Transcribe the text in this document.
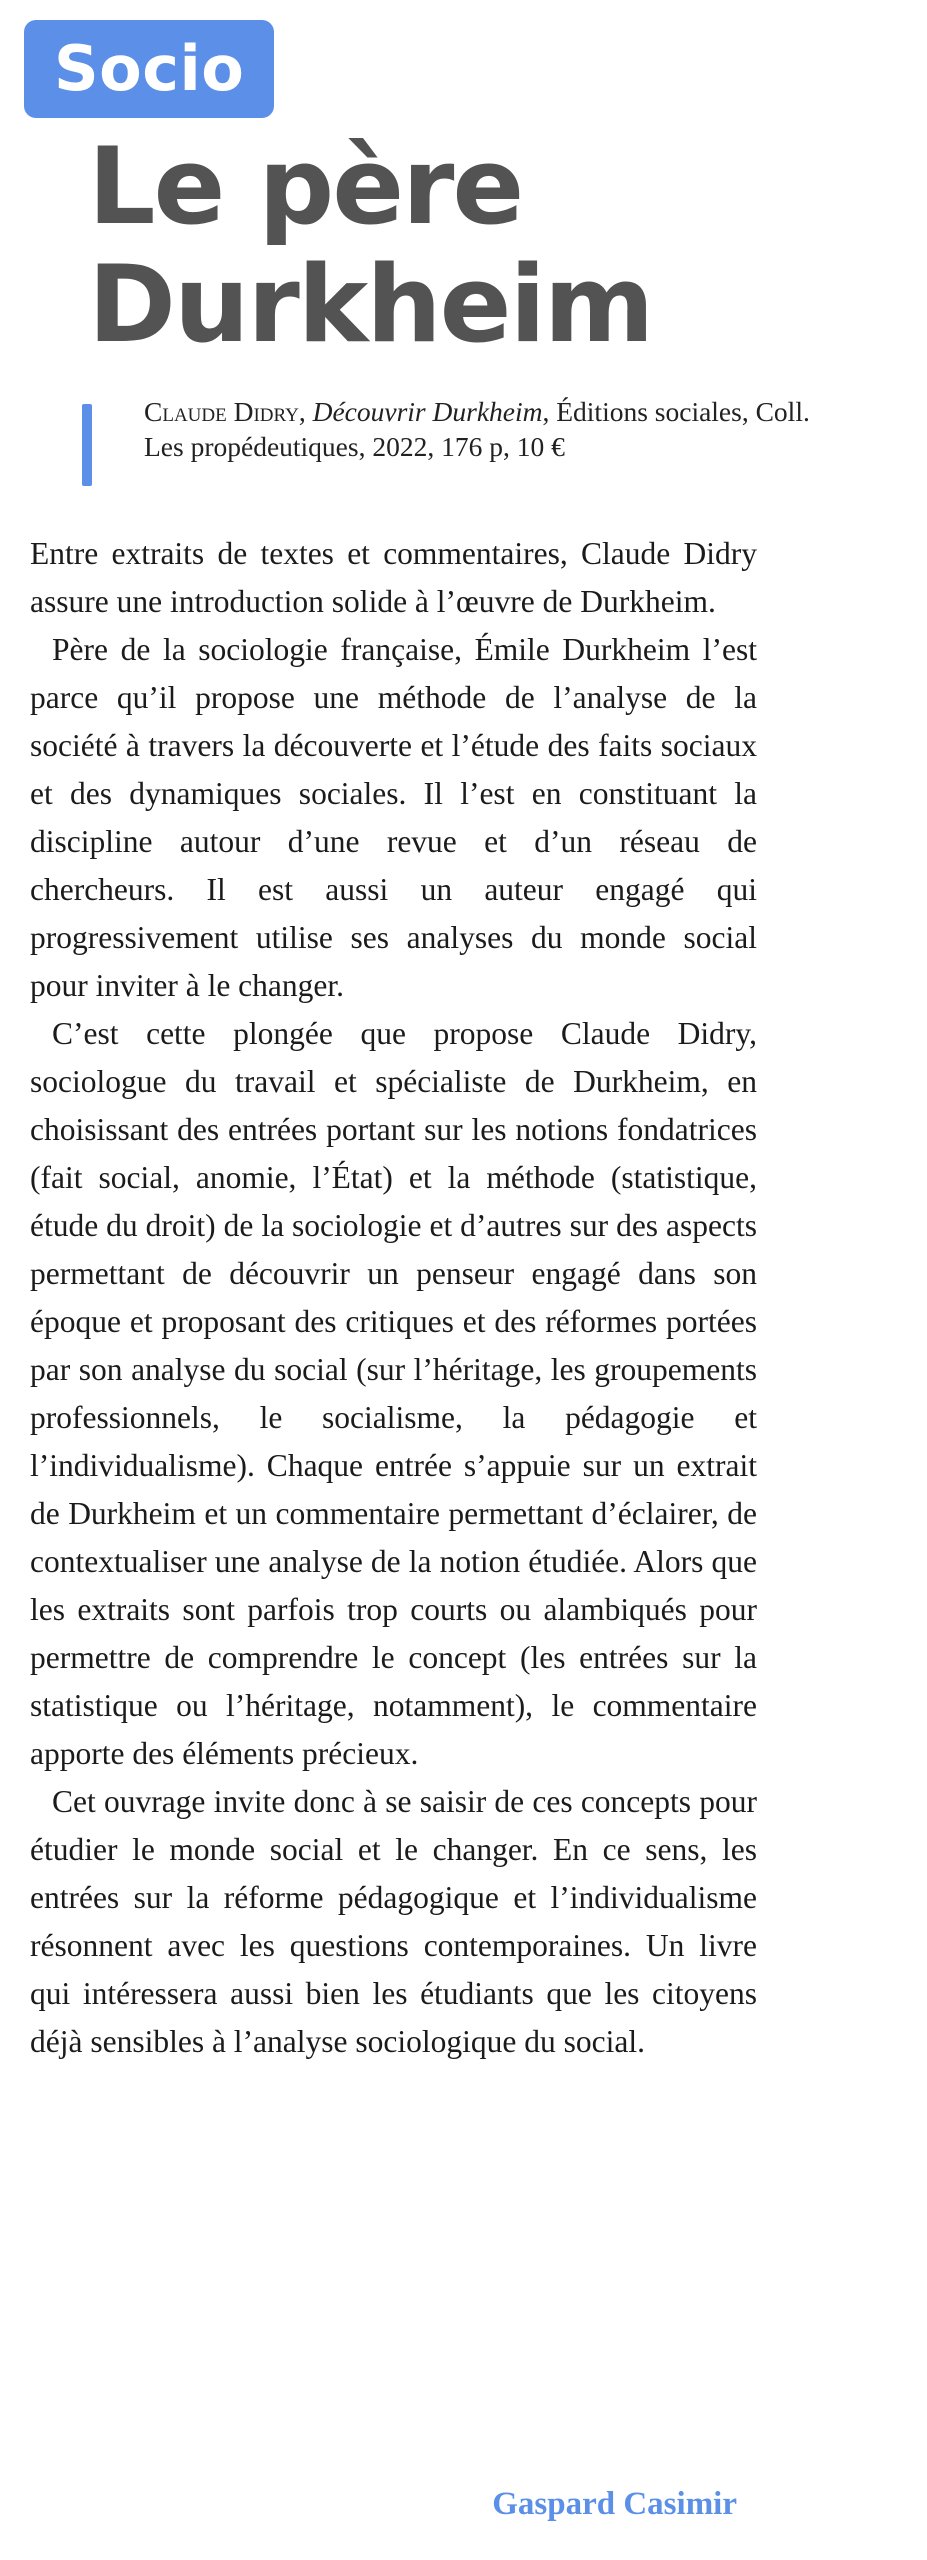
Socio
Le père Durkheim
Claude Didry, Découvrir Durkheim, Éditions sociales, Coll. Les propédeutiques, 2022, 176 p, 10 €

Entre extraits de textes et commentaires, Claude Didry assure une introduction solide à l’œuvre de Durkheim.

Père de la sociologie française, Émile Durkheim l’est parce qu’il propose une méthode de l’analyse de la société à travers la découverte et l’étude des faits sociaux et des dynamiques sociales. Il l’est en constituant la discipline autour d’une revue et d’un réseau de chercheurs. Il est aussi un auteur engagé qui progressivement utilise ses analyses du monde social pour inviter à le changer.

C’est cette plongée que propose Claude Didry, sociologue du travail et spécialiste de Durkheim, en choisissant des entrées portant sur les notions fondatrices (fait social, anomie, l’État) et la méthode (statistique, étude du droit) de la sociologie et d’autres sur des aspects permettant de découvrir un penseur engagé dans son époque et proposant des critiques et des réformes portées par son analyse du social (sur l’héritage, les groupements professionnels, le socialisme, la pédagogie et l’individualisme). Chaque entrée s’appuie sur un extrait de Durkheim et un commentaire permettant d’éclairer, de contextualiser une analyse de la notion étudiée. Alors que les extraits sont parfois trop courts ou alambiqués pour permettre de comprendre le concept (les entrées sur la statistique ou l’héritage, notamment), le commentaire apporte des éléments précieux.

Cet ouvrage invite donc à se saisir de ces concepts pour étudier le monde social et le changer. En ce sens, les entrées sur la réforme pédagogique et l’individualisme résonnent avec les questions contemporaines. Un livre qui intéressera aussi bien les étudiants que les citoyens déjà sensibles à l’analyse sociologique du social.

Gaspard Casimir
